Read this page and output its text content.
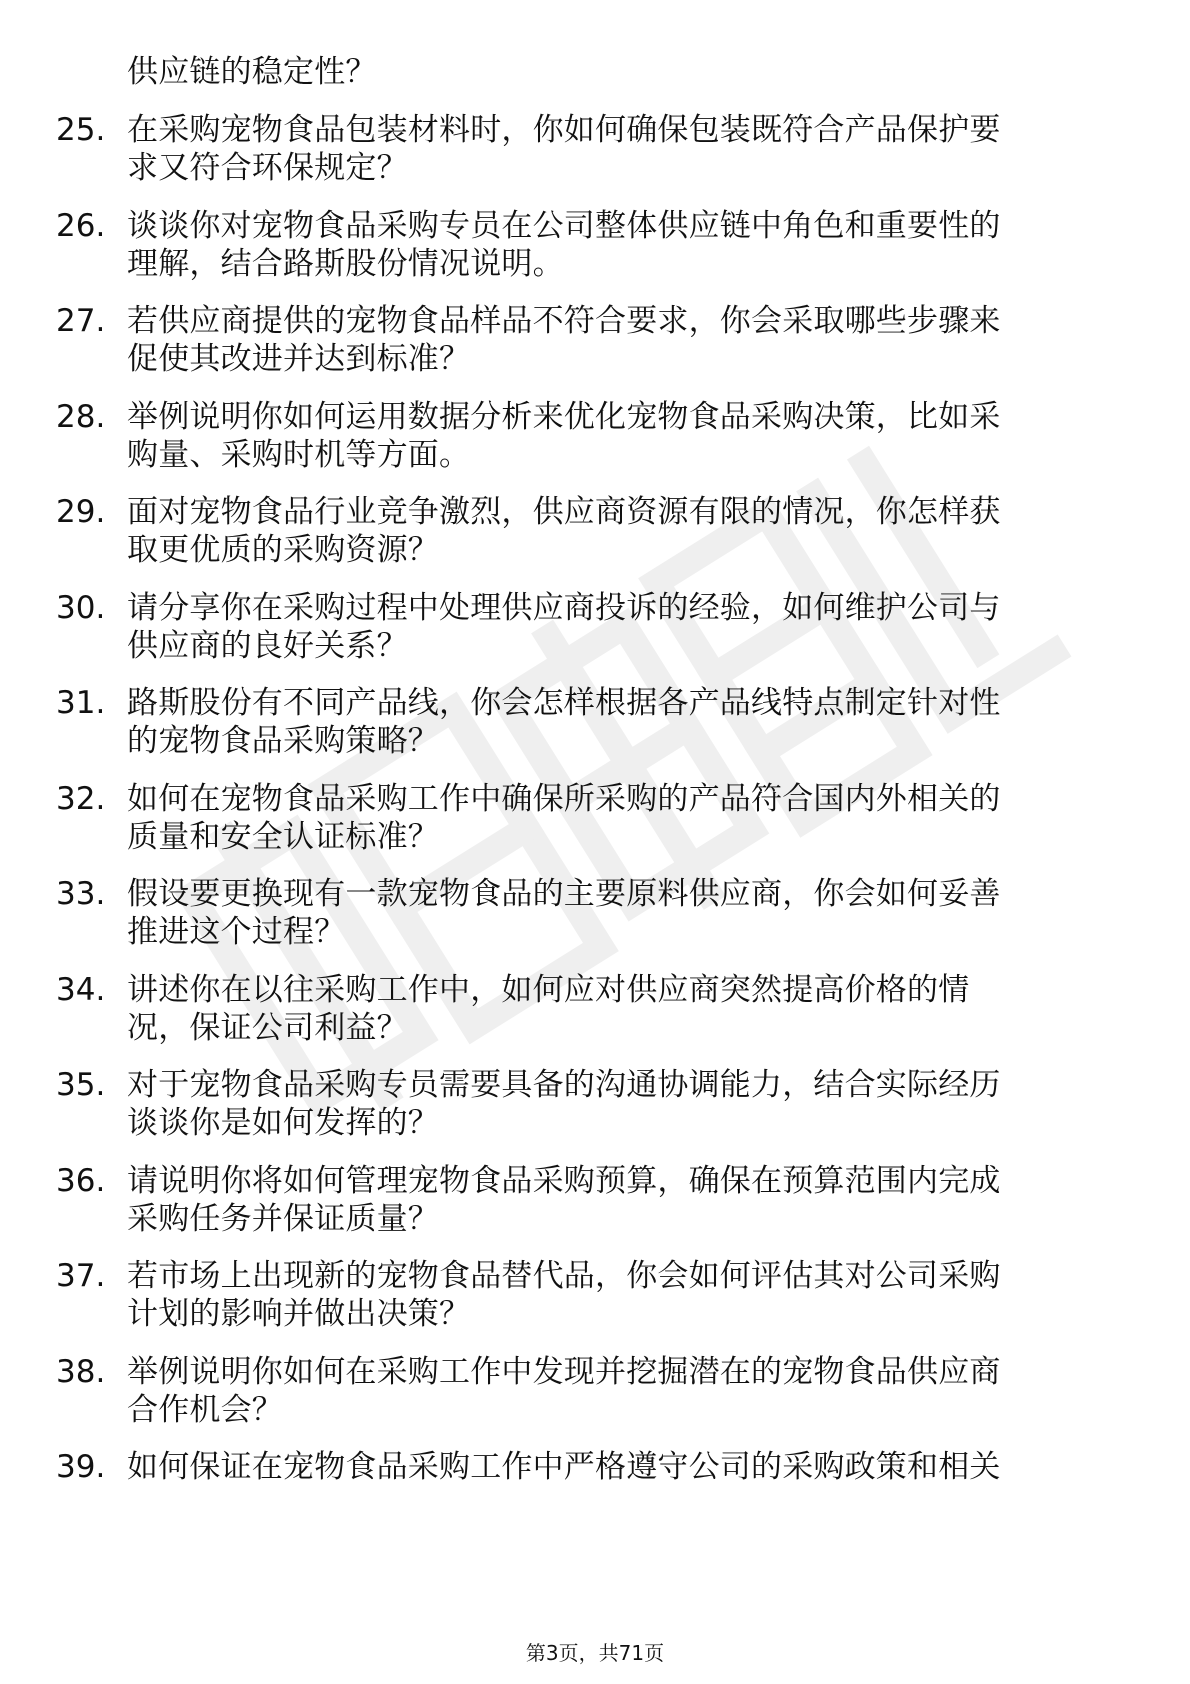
供应链的稳定性？
25. 在采购宠物食品包装材料时，你如何确保包装既符合产品保护要
求又符合环保规定？
26. 谈谈你对宠物食品采购专员在公司整体供应链中角色和重要性的
理解，结合路斯股份情况说明。
27. 若供应商提供的宠物食品样品不符合要求，你会采取哪些步骤来
促使其改进并达到标准？
28. 举例说明你如何运用数据分析来优化宠物食品采购决策，比如采
购量、采购时机等方面。
29. 面对宠物食品行业竞争激烈，供应商资源有限的情况，你怎样获
取更优质的采购资源？
30. 请分享你在采购过程中处理供应商投诉的经验，如何维护公司与
供应商的良好关系？
31. 路斯股份有不同产品线，你会怎样根据各产品线特点制定针对性
的宠物食品采购策略？
32. 如何在宠物食品采购工作中确保所采购的产品符合国内外相关的
质量和安全认证标准？
33. 假设要更换现有一款宠物食品的主要原料供应商，你会如何妥善
推进这个过程？
34. 讲述你在以往采购工作中，如何应对供应商突然提高价格的情
况，保证公司利益？
35. 对于宠物食品采购专员需要具备的沟通协调能力，结合实际经历
谈谈你是如何发挥的？
36. 请说明你将如何管理宠物食品采购预算，确保在预算范围内完成
采购任务并保证质量？
37. 若市场上出现新的宠物食品替代品，你会如何评估其对公司采购
计划的影响并做出决策？
38. 举例说明你如何在采购工作中发现并挖掘潜在的宠物食品供应商
合作机会？
39. 如何保证在宠物食品采购工作中严格遵守公司的采购政策和相关
第3页，共71页
